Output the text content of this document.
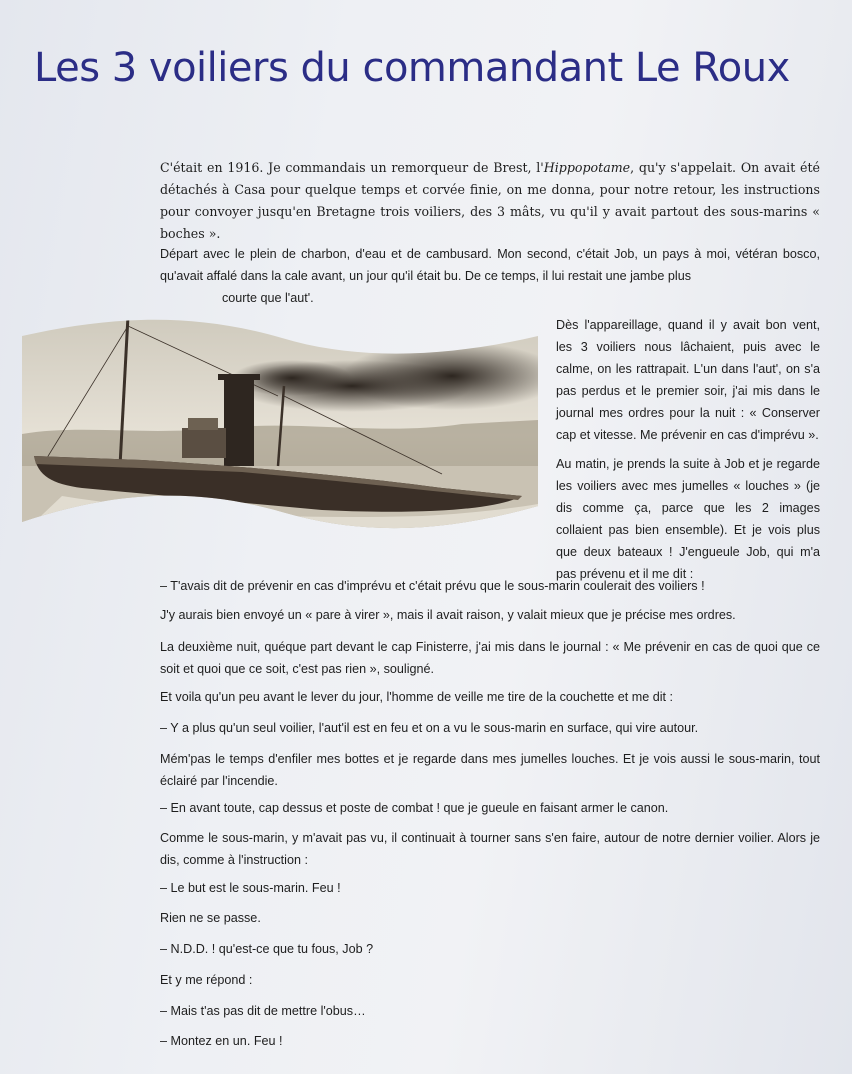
Les 3 voiliers du commandant Le Roux

C'était en 1916. Je commandais un remorqueur de Brest, l'Hippopotame, qu'y s'appelait. On avait été détachés à Casa pour quelque temps et corvée finie, on me donna, pour notre retour, les instructions pour convoyer jusqu'en Bretagne trois voiliers, des 3 mâts, vu qu'il y avait partout des sous-marins « boches ».

Départ avec le plein de charbon, d'eau et de cambusard. Mon second, c'était Job, un pays à moi, vétéran bosco, qu'avait affalé dans la cale avant, un jour qu'il était bu. De ce temps, il lui restait une jambe plus

courte que l'aut'.

Dès l'appareillage, quand il y avait bon vent, les 3 voiliers nous lâchaient, puis avec le calme, on les rattrapait. L'un dans l'aut', on s'a pas perdus et le premier soir, j'ai mis dans le journal mes ordres pour la nuit : « Conserver cap et vitesse. Me prévenir en cas d'imprévu ».

Au matin, je prends la suite à Job et je regarde les voiliers avec mes jumelles « louches » (je dis comme ça, parce que les 2 images collaient pas bien ensemble). Et je vois plus que deux bateaux ! J'engueule Job, qui m'a pas prévenu et il me dit :

– T'avais dit de prévenir en cas d'imprévu et c'était prévu que le sous-marin coulerait des voiliers !

J'y aurais bien envoyé un « pare à virer », mais il avait raison, y valait mieux que je précise mes ordres.

La deuxième nuit, quéque part devant le cap Finisterre, j'ai mis dans le journal : « Me prévenir en cas de quoi que ce soit et quoi que ce soit, c'est pas rien », souligné.

Et voila qu'un peu avant le lever du jour, l'homme de veille me tire de la couchette et me dit :

– Y a plus qu'un seul voilier, l'aut'il est en feu et on a vu le sous-marin en surface, qui vire autour.

Mém'pas le temps d'enfiler mes bottes et je regarde dans mes jumelles louches. Et je vois aussi le sous-marin, tout éclairé par l'incendie.

– En avant toute, cap dessus et poste de combat ! que je gueule en faisant armer le canon.

Comme le sous-marin, y m'avait pas vu, il continuait à tourner sans s'en faire, autour de notre dernier voilier. Alors je dis, comme à l'instruction :

– Le but est le sous-marin. Feu !

Rien ne se passe.

– N.D.D. ! qu'est-ce que tu fous, Job ?

Et y me répond :

– Mais t'as pas dit de mettre l'obus…

– Montez en un. Feu !
